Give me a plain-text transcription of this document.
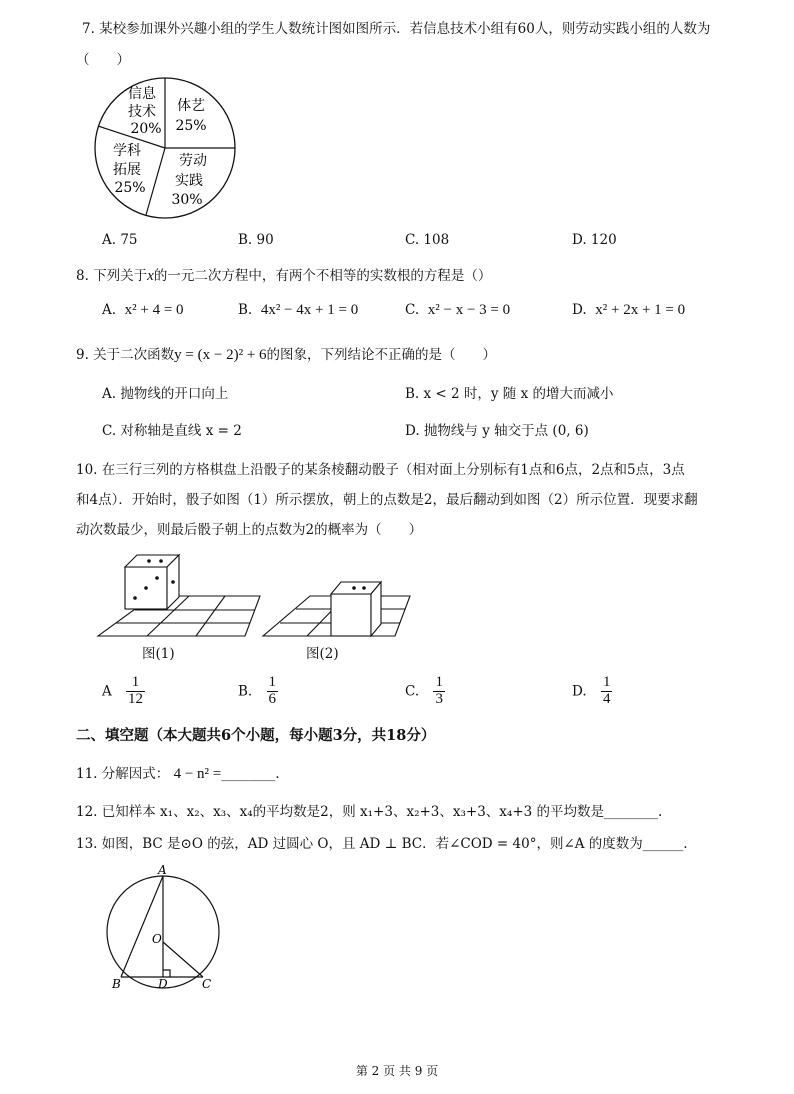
7. 某校参加课外兴趣小组的学生人数统计图如图所示．若信息技术小组有60人，则劳动实践小组的人数为
（　　）
信息
技术
20%
体艺
25%
劳动
实践
30%
学科
拓展
25%
A. 75	B. 90	C. 108	D. 120
8. 下列关于x的一元二次方程中，有两个不相等的实数根的方程是（）
A. x² + 4 = 0	B. 4x² − 4x + 1 = 0	C. x² − x − 3 = 0	D. x² + 2x + 1 = 0
9. 关于二次函数y = (x − 2)² + 6的图象，下列结论不正确的是（　　）
A. 抛物线的开口向上	B. x < 2 时，y 随 x 的增大而减小
C. 对称轴是直线 x = 2	D. 抛物线与 y 轴交于点 (0, 6)
10. 在三行三列的方格棋盘上沿骰子的某条棱翻动骰子（相对面上分别标有1点和6点，2点和5点，3点
和4点）．开始时，骰子如图（1）所示摆放，朝上的点数是2，最后翻动到如图（2）所示位置．现要求翻
动次数最少，则最后骰子朝上的点数为2的概率为（　　）
图(1)	图(2)
A $\frac{1}{12}$	B. $\frac{1}{6}$	C. $\frac{1}{3}$	D. $\frac{1}{4}$
二、填空题（本大题共6个小题，每小题3分，共18分）
11. 分解因式： 4 − n² =________.
12. 已知样本 x₁、x₂、x₃、x₄的平均数是2，则 x₁+3、x₂+3、x₃+3、x₄+3 的平均数是________.
13. 如图，BC 是⊙O 的弦，AD 过圆心 O，且 AD ⊥ BC．若∠COD = 40°，则∠A 的度数为______.
A
O
B	D	C
第 2 页 共 9 页
